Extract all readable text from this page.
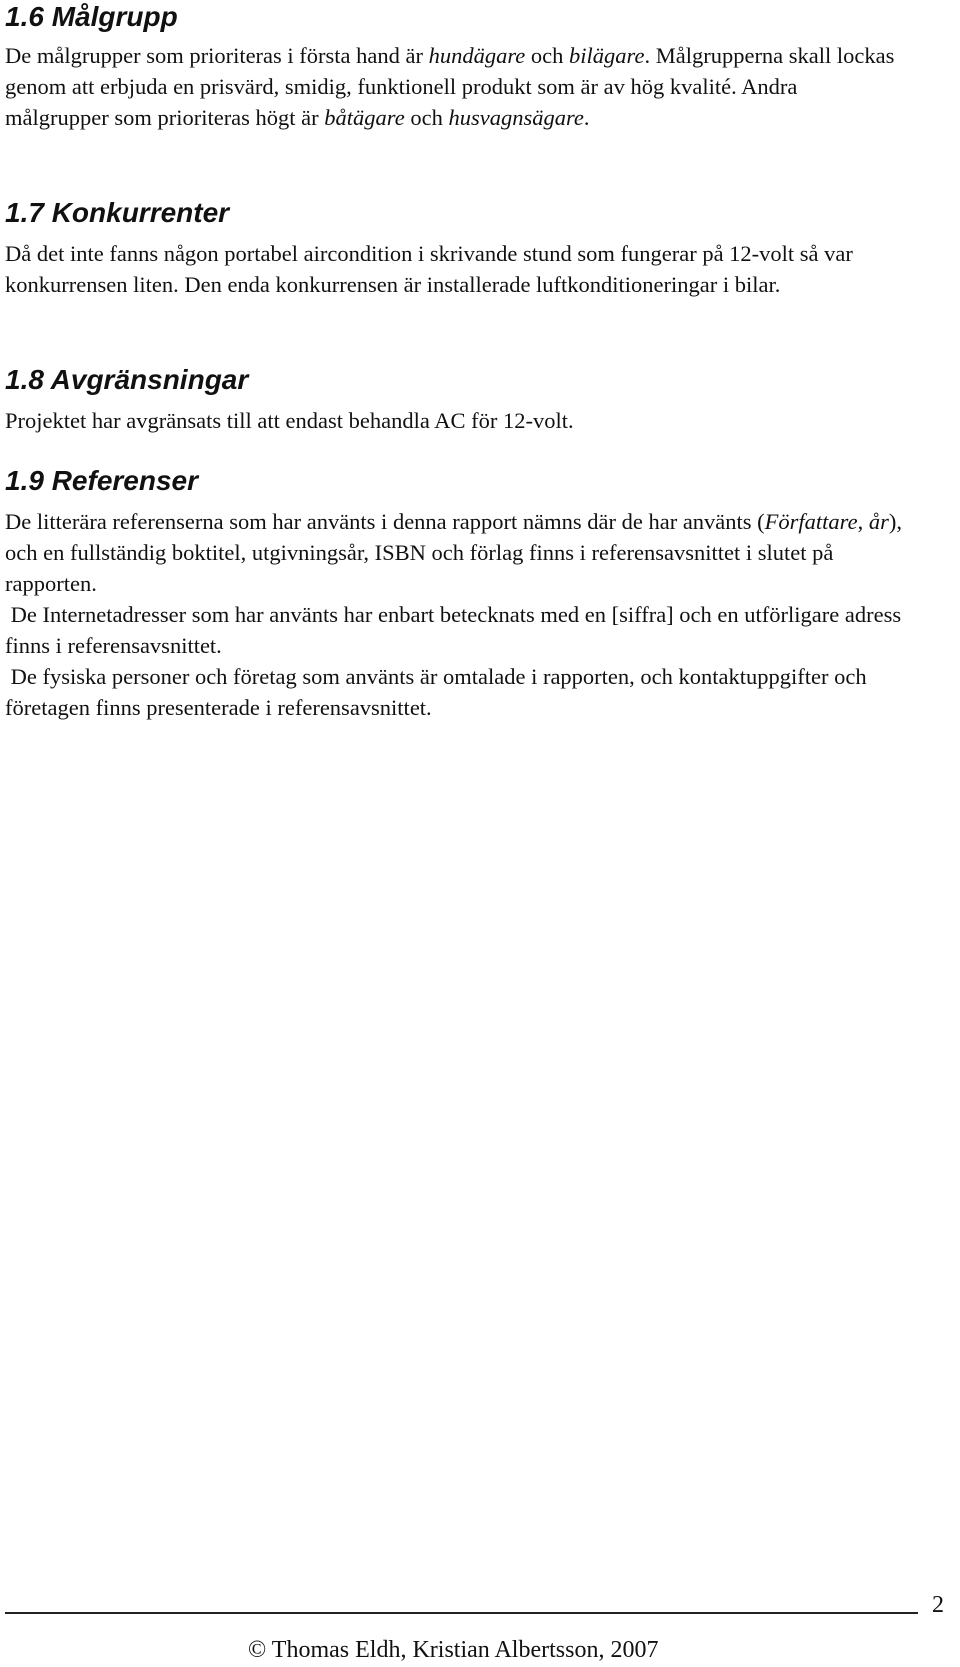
1.6 Målgrupp

De målgrupper som prioriteras i första hand är hundägare och bilägare. Målgrupperna skall lockas genom att erbjuda en prisvärd, smidig, funktionell produkt som är av hög kvalité. Andra målgrupper som prioriteras högt är båtägare och husvagnsägare.

1.7 Konkurrenter

Då det inte fanns någon portabel aircondition i skrivande stund som fungerar på 12-volt så var konkurrensen liten. Den enda konkurrensen är installerade luftkonditioneringar i bilar.

1.8 Avgränsningar

Projektet har avgränsats till att endast behandla AC för 12-volt.

1.9 Referenser

De litterära referenserna som har använts i denna rapport nämns där de har använts (Författare, år), och en fullständig boktitel, utgivningsår, ISBN och förlag finns i referensavsnittet i slutet på rapporten.

De Internetadresser som har använts har enbart betecknats med en [siffra] och en utförligare adress finns i referensavsnittet.

De fysiska personer och företag som använts är omtalade i rapporten, och kontaktuppgifter och företagen finns presenterade i referensavsnittet.

2
© Thomas Eldh, Kristian Albertsson, 2007
